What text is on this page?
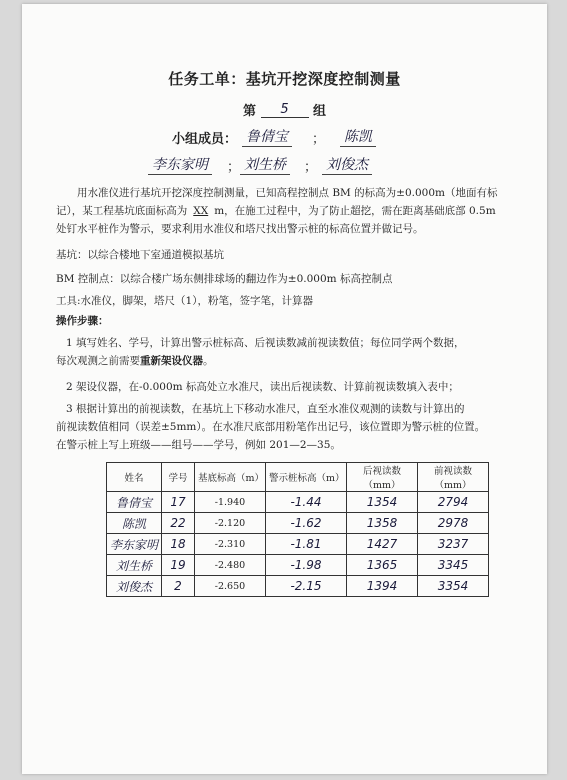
任务工单：基坑开挖深度控制测量
第 5 组
小组成员： 鲁倩宝	； 陈凯
李东家明	； 刘生桥	； 刘俊杰
用水准仪进行基坑开挖深度控制测量，已知高程控制点 BM 的标高为±0.000m（地面有标
记），某工程基坑底面标高为 XX m，在施工过程中，为了防止超挖，需在距离基础底部 0.5m
处钉水平桩作为警示，要求利用水准仪和塔尺找出警示桩的标高位置并做记号。
基坑：以综合楼地下室通道模拟基坑
BM 控制点：以综合楼广场东侧排球场的翻边作为±0.000m 标高控制点
工具:水准仪，脚架，塔尺（1），粉笔，签字笔，计算器
操作步骤：
1 填写姓名、学号，计算出警示桩标高、后视读数减前视读数值；每位同学两个数据，
每次观测之前需要重新架设仪器。
2 架设仪器，在-0.000m 标高处立水准尺，读出后视读数、计算前视读数填入表中；
3 根据计算出的前视读数，在基坑上下移动水准尺，直至水准仪观测的读数与计算出的
前视读数值相同（误差±5mm）。在水准尺底部用粉笔作出记号，该位置即为警示桩的位置。
在警示桩上写上班级——组号——学号，例如 201—2—35。
姓名	学号	基底标高（m）	警示桩标高（m）	后视读数（mm）	前视读数（mm）
鲁倩宝	17	-1.940	-1.44	1354	2794
陈凯	22	-2.120	-1.62	1358	2978
李东家明	18	-2.310	-1.81	1427	3237
刘生桥	19	-2.480	-1.98	1365	3345
刘俊杰	2	-2.650	-2.15	1394	3354
